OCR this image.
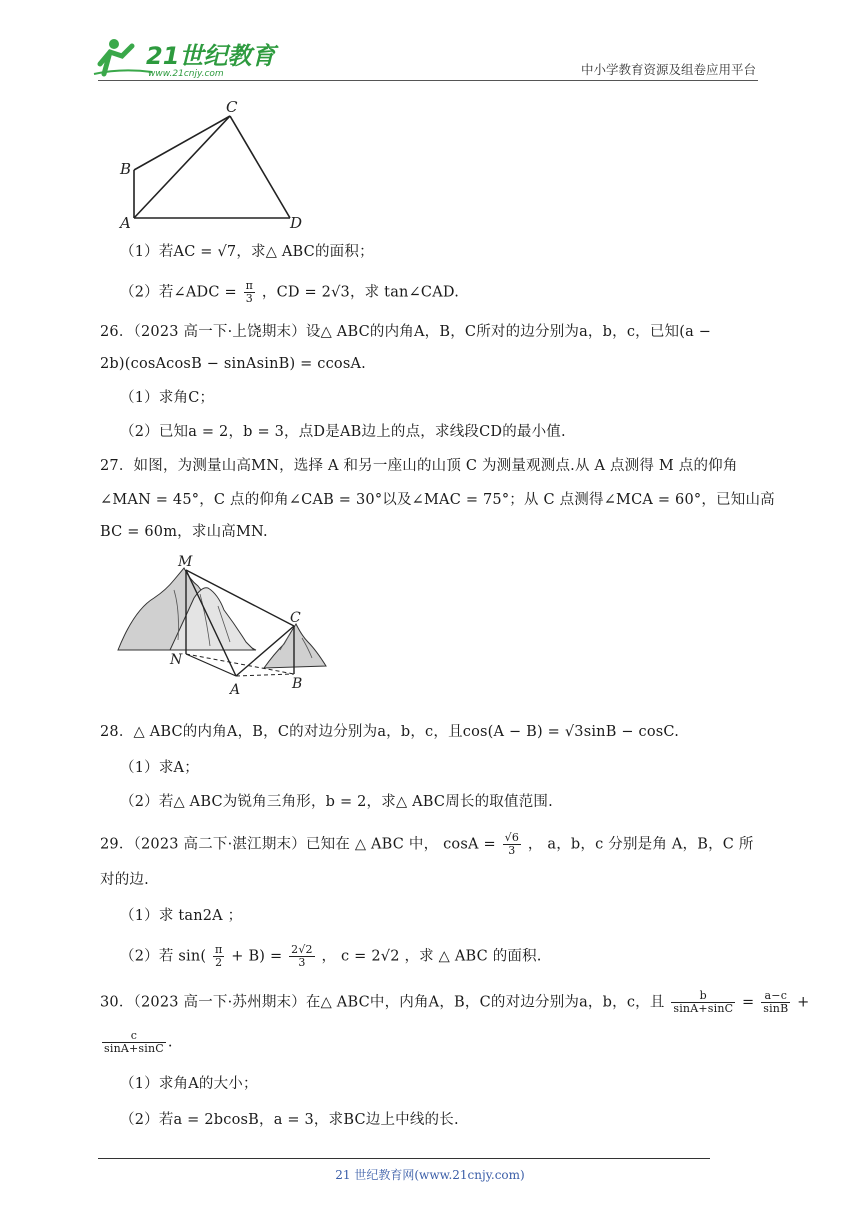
21世纪教育
www.21cnjy.com	中小学教育资源及组卷应用平台
C
B
A	D
（1）若AC = √7，求△ ABC的面积；
（2）若∠ADC = $\frac{\pi}{3}$ ，CD = 2√3，求 tan∠CAD.
26．（2023 高一下·上饶期末）设△ ABC的内角A，B，C所对的边分别为a，b，c，已知(a −
2b)(cosAcosB − sinAsinB) = ccosA.
（1）求角C；
（2）已知a = 2，b = 3，点D是AB边上的点，求线段CD的最小值.
27．如图，为测量山高MN，选择 A 和另一座山的山顶 C 为测量观测点.从 A 点测得 M 点的仰角
∠MAN = 45°，C 点的仰角∠CAB = 30°以及∠MAC = 75°；从 C 点测得∠MCA = 60°，已知山高
BC = 60m，求山高MN.
M
C
N
A	B
28．△ ABC的内角A，B，C的对边分别为a，b，c，且cos(A − B) = √3sinB − cosC.
（1）求A；
（2）若△ ABC为锐角三角形，b = 2，求△ ABC周长的取值范围.
29．（2023 高二下·湛江期末）已知在 △ ABC 中， $\cos A = \frac{√6}{3}$ ， a，b，c 分别是角 A，B，C 所
对的边.
（1）求 tan2A ；
（2）若 $\sin( \frac{\pi}{2} + B) = \frac{2√2}{3}$ ， c = 2√2 ，求 △ ABC 的面积.
30．（2023 高一下·苏州期末）在△ ABC中，内角A，B，C的对边分别为a，b，c，且 $\frac{b}{\sin A+\sin C} = \frac{a-c}{\sin B}$ +
$\frac{c}{\sin A+\sin C}$ .
（1）求角A的大小；
（2）若a = 2bcosB，a = 3，求BC边上中线的长.
21 世纪教育网(www.21cnjy.com)
